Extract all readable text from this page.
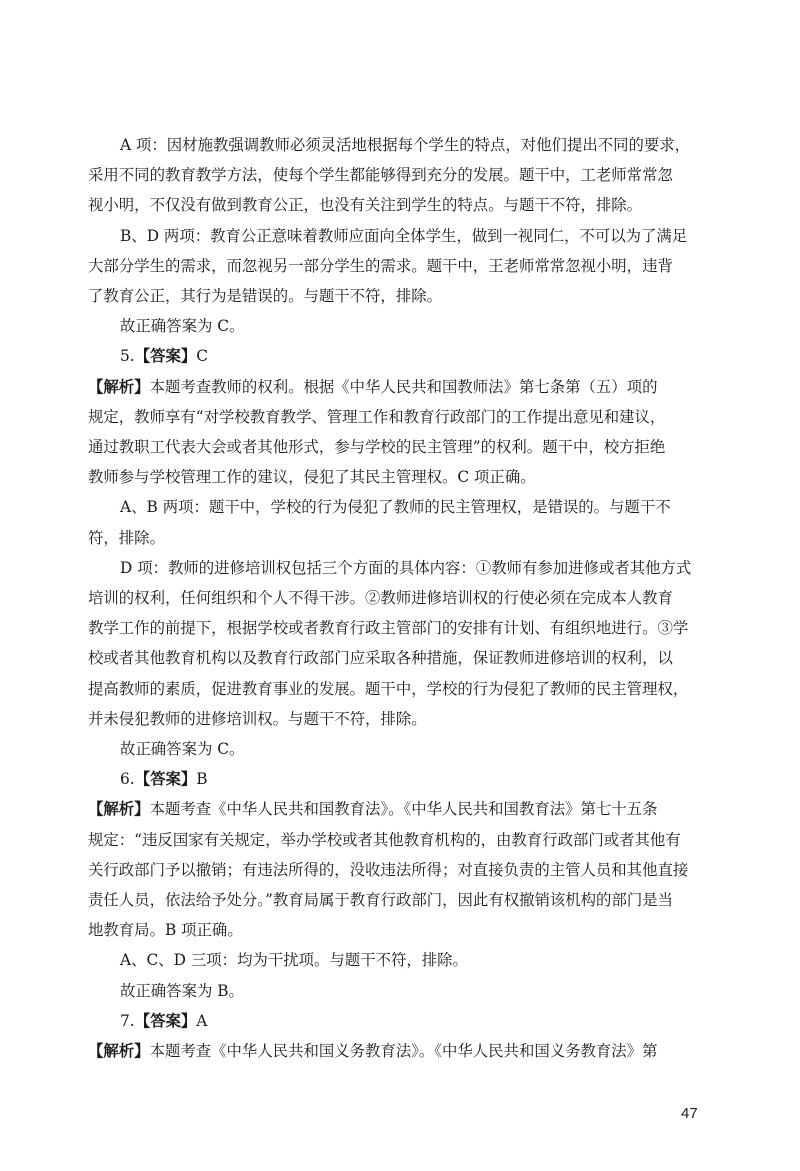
A 项：因材施教强调教师必须灵活地根据每个学生的特点，对他们提出不同的要求，
采用不同的教育教学方法，使每个学生都能够得到充分的发展。题干中，工老师常常忽
视小明，不仅没有做到教育公正，也没有关注到学生的特点。与题干不符，排除。
B、D 两项：教育公正意味着教师应面向全体学生，做到一视同仁，不可以为了满足
大部分学生的需求，而忽视另一部分学生的需求。题干中，王老师常常忽视小明，违背
了教育公正，其行为是错误的。与题干不符，排除。
故正确答案为 C。
5.【答案】C
【解析】本题考查教师的权利。根据《中华人民共和国教师法》第七条第（五）项的
规定，教师享有“对学校教育教学、管理工作和教育行政部门的工作提出意见和建议，
通过教职工代表大会或者其他形式，参与学校的民主管理”的权利。题干中，校方拒绝
教师参与学校管理工作的建议，侵犯了其民主管理权。C 项正确。
A、B 两项：题干中，学校的行为侵犯了教师的民主管理权，是错误的。与题干不
符，排除。
D 项：教师的进修培训权包括三个方面的具体内容：①教师有参加进修或者其他方式
培训的权利，任何组织和个人不得干涉。②教师进修培训权的行使必须在完成本人教育
教学工作的前提下，根据学校或者教育行政主管部门的安排有计划、有组织地进行。③学
校或者其他教育机构以及教育行政部门应采取各种措施，保证教师进修培训的权利，以
提高教师的素质，促进教育事业的发展。题干中，学校的行为侵犯了教师的民主管理权，
并未侵犯教师的进修培训权。与题干不符，排除。
故正确答案为 C。
6.【答案】B
【解析】本题考查《中华人民共和国教育法》。《中华人民共和国教育法》第七十五条
规定：“违反国家有关规定，举办学校或者其他教育机构的，由教育行政部门或者其他有
关行政部门予以撤销；有违法所得的，没收违法所得；对直接负责的主管人员和其他直接
责任人员，依法给予处分。”教育局属于教育行政部门，因此有权撤销该机构的部门是当
地教育局。B 项正确。
A、C、D 三项：均为干扰项。与题干不符，排除。
故正确答案为 B。
7.【答案】A
【解析】本题考查《中华人民共和国义务教育法》。《中华人民共和国义务教育法》第
47
